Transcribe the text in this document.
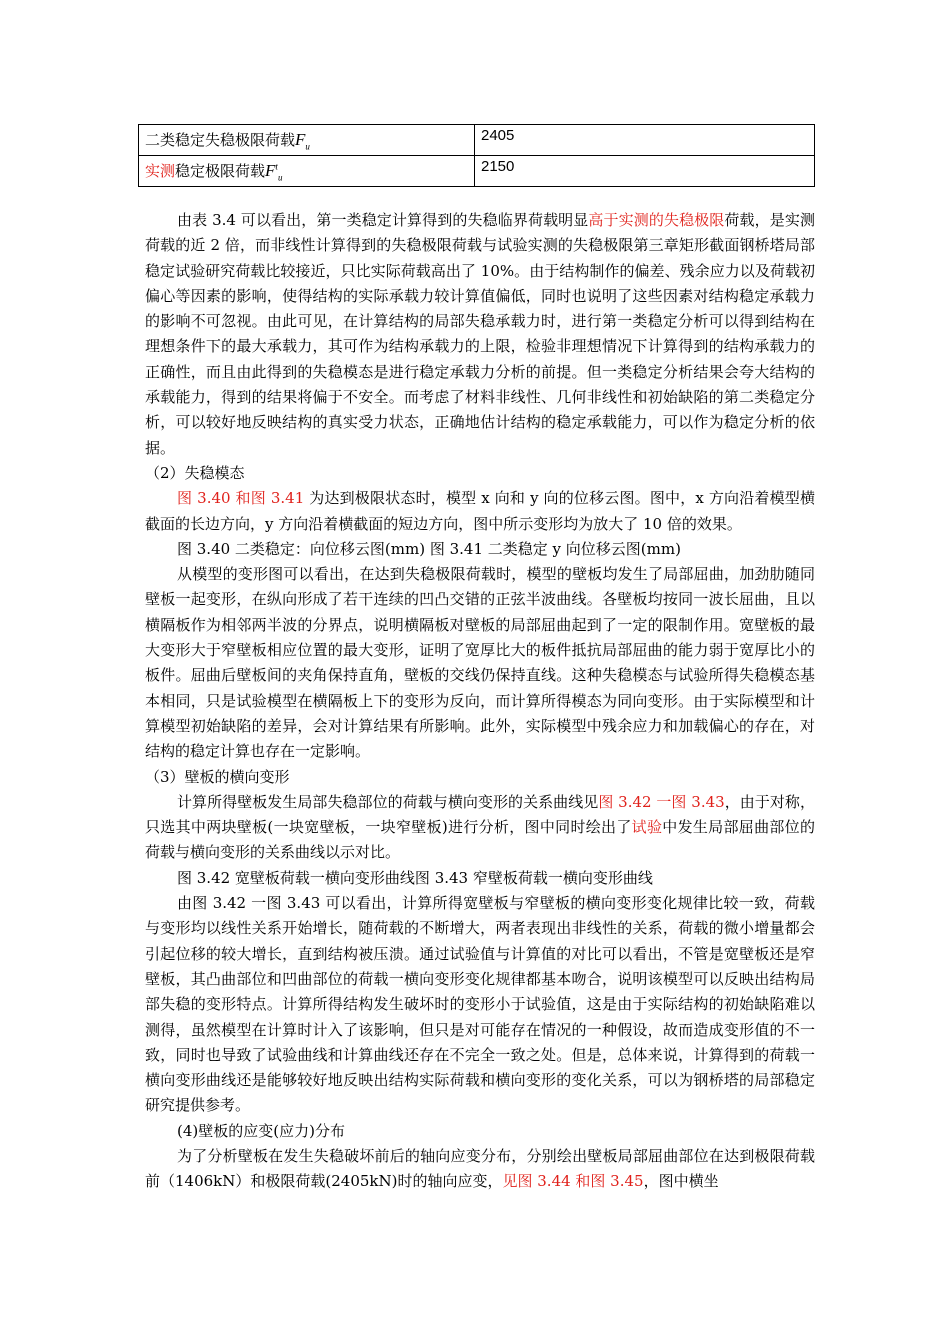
二类稳定失稳极限荷载$F_u$	2405
实测稳定极限荷载$F^t_u$	2150

由表 3.4 可以看出，第一类稳定计算得到的失稳临界荷载明显高于实测的失稳极限荷载，是实测荷载的近 2 倍，而非线性计算得到的失稳极限荷载与试验实测的失稳极限第三章矩形截面钢桥塔局部稳定试验研究荷载比较接近，只比实际荷载高出了 10%。由于结构制作的偏差、残余应力以及荷载初偏心等因素的影响，使得结构的实际承载力较计算值偏低，同时也说明了这些因素对结构稳定承载力的影响不可忽视。由此可见，在计算结构的局部失稳承载力时，进行第一类稳定分析可以得到结构在理想条件下的最大承载力，其可作为结构承载力的上限，检验非理想情况下计算得到的结构承载力的正确性，而且由此得到的失稳模态是进行稳定承载力分析的前提。但一类稳定分析结果会夸大结构的承载能力，得到的结果将偏于不安全。而考虑了材料非线性、几何非线性和初始缺陷的第二类稳定分析，可以较好地反映结构的真实受力状态，正确地估计结构的稳定承载能力，可以作为稳定分析的依据。

（2）失稳模态

图 3.40 和图 3.41 为达到极限状态时，模型 x 向和 y 向的位移云图。图中，x 方向沿着模型横截面的长边方向，y 方向沿着横截面的短边方向，图中所示变形均为放大了 10 倍的效果。

图 3.40 二类稳定：向位移云图(mm) 图 3.41 二类稳定 y 向位移云图(mm)

从模型的变形图可以看出，在达到失稳极限荷载时，模型的壁板均发生了局部屈曲，加劲肋随同壁板一起变形，在纵向形成了若干连续的凹凸交错的正弦半波曲线。各壁板均按同一波长屈曲，且以横隔板作为相邻两半波的分界点，说明横隔板对壁板的局部屈曲起到了一定的限制作用。宽壁板的最大变形大于窄壁板相应位置的最大变形，证明了宽厚比大的板件抵抗局部屈曲的能力弱于宽厚比小的板件。屈曲后壁板间的夹角保持直角，壁板的交线仍保持直线。这种失稳模态与试验所得失稳模态基本相同，只是试验模型在横隔板上下的变形为反向，而计算所得模态为同向变形。由于实际模型和计算模型初始缺陷的差异，会对计算结果有所影响。此外，实际模型中残余应力和加载偏心的存在，对结构的稳定计算也存在一定影响。

（3）壁板的横向变形

计算所得壁板发生局部失稳部位的荷载与横向变形的关系曲线见图 3.42 一图 3.43，由于对称，只选其中两块壁板(一块宽壁板，一块窄壁板)进行分析，图中同时绘出了试验中发生局部屈曲部位的荷载与横向变形的关系曲线以示对比。

图 3.42 宽壁板荷载一横向变形曲线图 3.43 窄壁板荷载一横向变形曲线

由图 3.42 一图 3.43 可以看出，计算所得宽壁板与窄壁板的横向变形变化规律比较一致，荷载与变形均以线性关系开始增长，随荷载的不断增大，两者表现出非线性的关系，荷载的微小增量都会引起位移的较大增长，直到结构被压溃。通过试验值与计算值的对比可以看出，不管是宽壁板还是窄壁板，其凸曲部位和凹曲部位的荷载一横向变形变化规律都基本吻合，说明该模型可以反映出结构局部失稳的变形特点。计算所得结构发生破坏时的变形小于试验值，这是由于实际结构的初始缺陷难以测得，虽然模型在计算时计入了该影响，但只是对可能存在情况的一种假设，故而造成变形值的不一致，同时也导致了试验曲线和计算曲线还存在不完全一致之处。但是，总体来说，计算得到的荷载一横向变形曲线还是能够较好地反映出结构实际荷载和横向变形的变化关系，可以为钢桥塔的局部稳定研究提供参考。

(4)壁板的应变(应力)分布

为了分析壁板在发生失稳破坏前后的轴向应变分布，分别绘出壁板局部屈曲部位在达到极限荷载前（1406kN）和极限荷载(2405kN)时的轴向应变，见图 3.44 和图 3.45，图中横坐
